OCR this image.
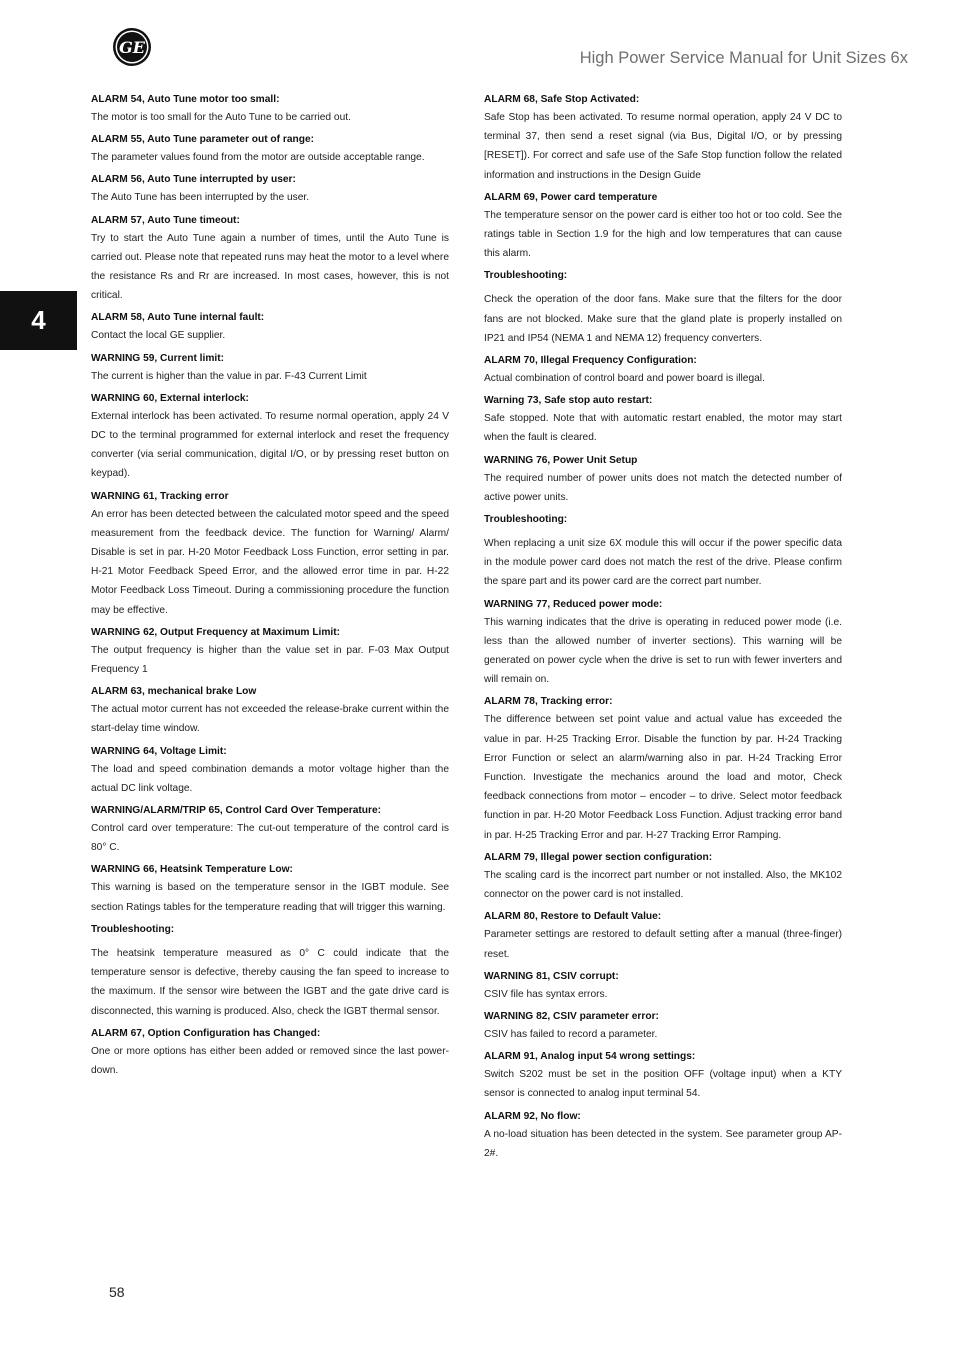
GE
High Power Service Manual for Unit Sizes 6x
4
ALARM 54, Auto Tune motor too small:

The motor is too small for the Auto Tune to be carried out.

ALARM 55, Auto Tune parameter out of range:

The parameter values found from the motor are outside acceptable range.

ALARM 56, Auto Tune interrupted by user:

The Auto Tune has been interrupted by the user.

ALARM 57, Auto Tune timeout:

Try to start the Auto Tune again a number of times, until the Auto Tune is carried out. Please note that repeated runs may heat the motor to a level where the resistance Rs and Rr are increased. In most cases, however, this is not critical.

ALARM 58, Auto Tune internal fault:

Contact the local GE supplier.

WARNING 59, Current limit:

The current is higher than the value in par. F-43 Current Limit

WARNING 60, External interlock:

External interlock has been activated. To resume normal operation, apply 24 V DC to the terminal programmed for external interlock and reset the frequency converter (via serial communication, digital I/O, or by pressing reset button on keypad).

WARNING 61, Tracking error

An error has been detected between the calculated motor speed and the speed measurement from the feedback device. The function for Warning/ Alarm/ Disable is set in par. H-20 Motor Feedback Loss Function, error setting in par. H-21 Motor Feedback Speed Error, and the allowed error time in par. H-22 Motor Feedback Loss Timeout. During a commissioning procedure the function may be effective.

WARNING 62, Output Frequency at Maximum Limit:

The output frequency is higher than the value set in par. F-03 Max Output Frequency 1

ALARM 63, mechanical brake Low

The actual motor current has not exceeded the release-brake current within the start-delay time window.

WARNING 64, Voltage Limit:

The load and speed combination demands a motor voltage higher than the actual DC link voltage.

WARNING/ALARM/TRIP 65, Control Card Over Temperature:

Control card over temperature: The cut-out temperature of the control card is 80° C.

WARNING 66, Heatsink Temperature Low:

This warning is based on the temperature sensor in the IGBT module. See section Ratings tables for the temperature reading that will trigger this warning.

Troubleshooting:

The heatsink temperature measured as 0° C could indicate that the temperature sensor is defective, thereby causing the fan speed to increase to the maximum. If the sensor wire between the IGBT and the gate drive card is disconnected, this warning is produced. Also, check the IGBT thermal sensor.

ALARM 67, Option Configuration has Changed:

One or more options has either been added or removed since the last power-down.

ALARM 68, Safe Stop Activated:

Safe Stop has been activated. To resume normal operation, apply 24 V DC to terminal 37, then send a reset signal (via Bus, Digital I/O, or by pressing [RESET]). For correct and safe use of the Safe Stop function follow the related information and instructions in the Design Guide

ALARM 69, Power card temperature

The temperature sensor on the power card is either too hot or too cold. See the ratings table in Section 1.9 for the high and low temperatures that can cause this alarm.

Troubleshooting:

Check the operation of the door fans. Make sure that the filters for the door fans are not blocked. Make sure that the gland plate is properly installed on IP21 and IP54 (NEMA 1 and NEMA 12) frequency converters.

ALARM 70, Illegal Frequency Configuration:

Actual combination of control board and power board is illegal.

Warning 73, Safe stop auto restart:

Safe stopped. Note that with automatic restart enabled, the motor may start when the fault is cleared.

WARNING 76, Power Unit Setup

The required number of power units does not match the detected number of active power units.

Troubleshooting:

When replacing a unit size 6X module this will occur if the power specific data in the module power card does not match the rest of the drive. Please confirm the spare part and its power card are the correct part number.

WARNING 77, Reduced power mode:

This warning indicates that the drive is operating in reduced power mode (i.e. less than the allowed number of inverter sections). This warning will be generated on power cycle when the drive is set to run with fewer inverters and will remain on.

ALARM 78, Tracking error:

The difference between set point value and actual value has exceeded the value in par. H-25 Tracking Error. Disable the function by par. H-24 Tracking Error Function or select an alarm/warning also in par. H-24 Tracking Error Function. Investigate the mechanics around the load and motor, Check feedback connections from motor – encoder – to drive. Select motor feedback function in par. H-20 Motor Feedback Loss Function. Adjust tracking error band in par. H-25 Tracking Error and par. H-27 Tracking Error Ramping.

ALARM 79, Illegal power section configuration:

The scaling card is the incorrect part number or not installed. Also, the MK102 connector on the power card is not installed.

ALARM 80, Restore to Default Value:

Parameter settings are restored to default setting after a manual (three-finger) reset.

WARNING 81, CSIV corrupt:

CSIV file has syntax errors.

WARNING 82, CSIV parameter error:

CSIV has failed to record a parameter.

ALARM 91, Analog input 54 wrong settings:

Switch S202 must be set in the position OFF (voltage input) when a KTY sensor is connected to analog input terminal 54.

ALARM 92, No flow:

A no-load situation has been detected in the system. See parameter group AP-2#.

58
